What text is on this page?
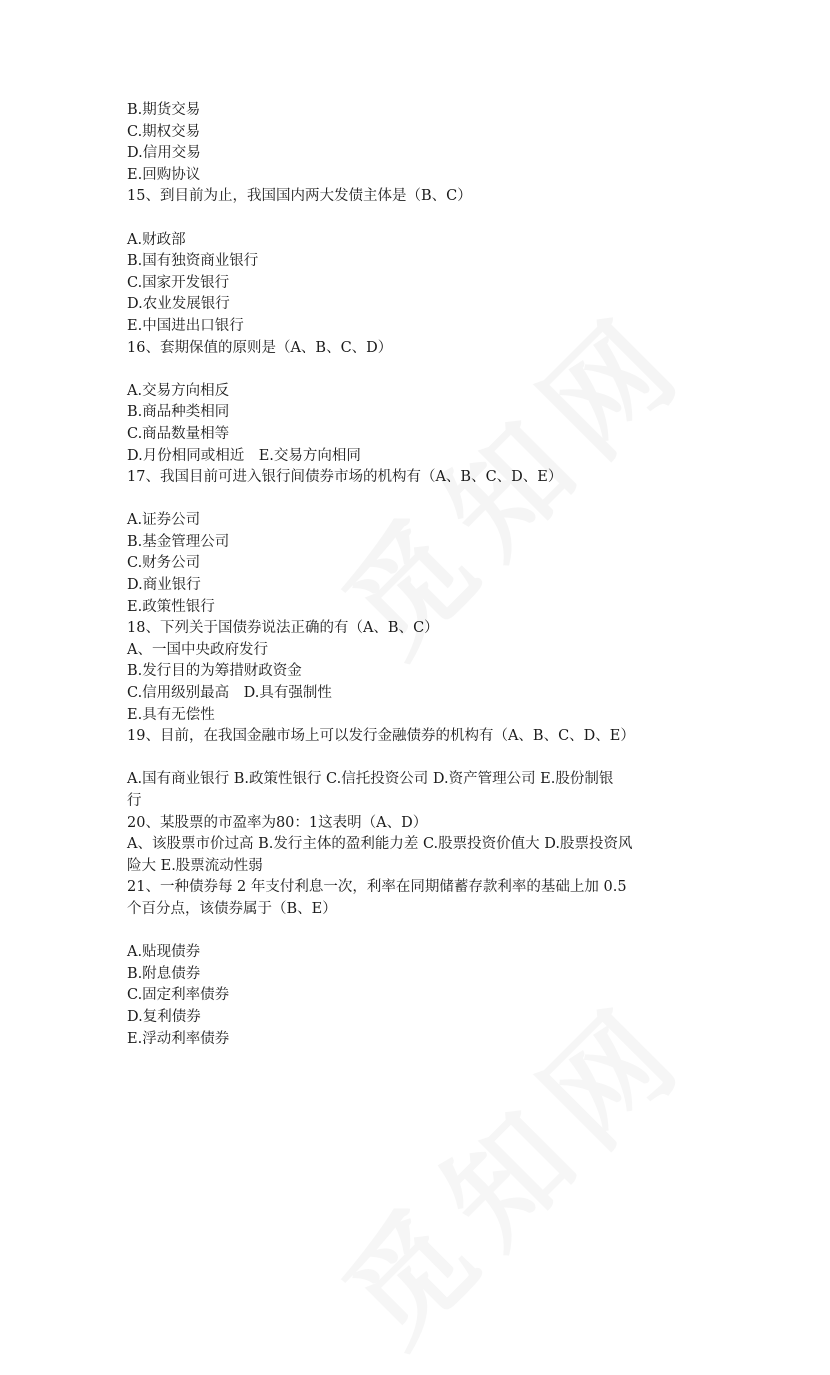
B.期货交易
C.期权交易
D.信用交易
E.回购协议
15、到目前为止，我国国内两大发债主体是（B、C）
A.财政部
B.国有独资商业银行
C.国家开发银行
D.农业发展银行
E.中国进出口银行
16、套期保值的原则是（A、B、C、D）
A.交易方向相反
B.商品种类相同
C.商品数量相等
D.月份相同或相近　E.交易方向相同
17、我国目前可进入银行间债券市场的机构有（A、B、C、D、E）
A.证券公司
B.基金管理公司
C.财务公司
D.商业银行
E.政策性银行
18、下列关于国债券说法正确的有（A、B、C）
A、一国中央政府发行
B.发行目的为筹措财政资金
C.信用级别最高　D.具有强制性
E.具有无偿性
19、目前，在我国金融市场上可以发行金融债券的机构有（A、B、C、D、E）
A.国有商业银行 B.政策性银行 C.信托投资公司 D.资产管理公司 E.股份制银
行
20、某股票的市盈率为80：1这表明（A、D）
A、该股票市价过高 B.发行主体的盈利能力差 C.股票投资价值大 D.股票投资风
险大 E.股票流动性弱
21、一种债券每 2 年支付利息一次，利率在同期储蓄存款利率的基础上加 0.5
个百分点，该债券属于（B、E）
A.贴现债券
B.附息债券
C.固定利率债券
D.复利债券
E.浮动利率债券
